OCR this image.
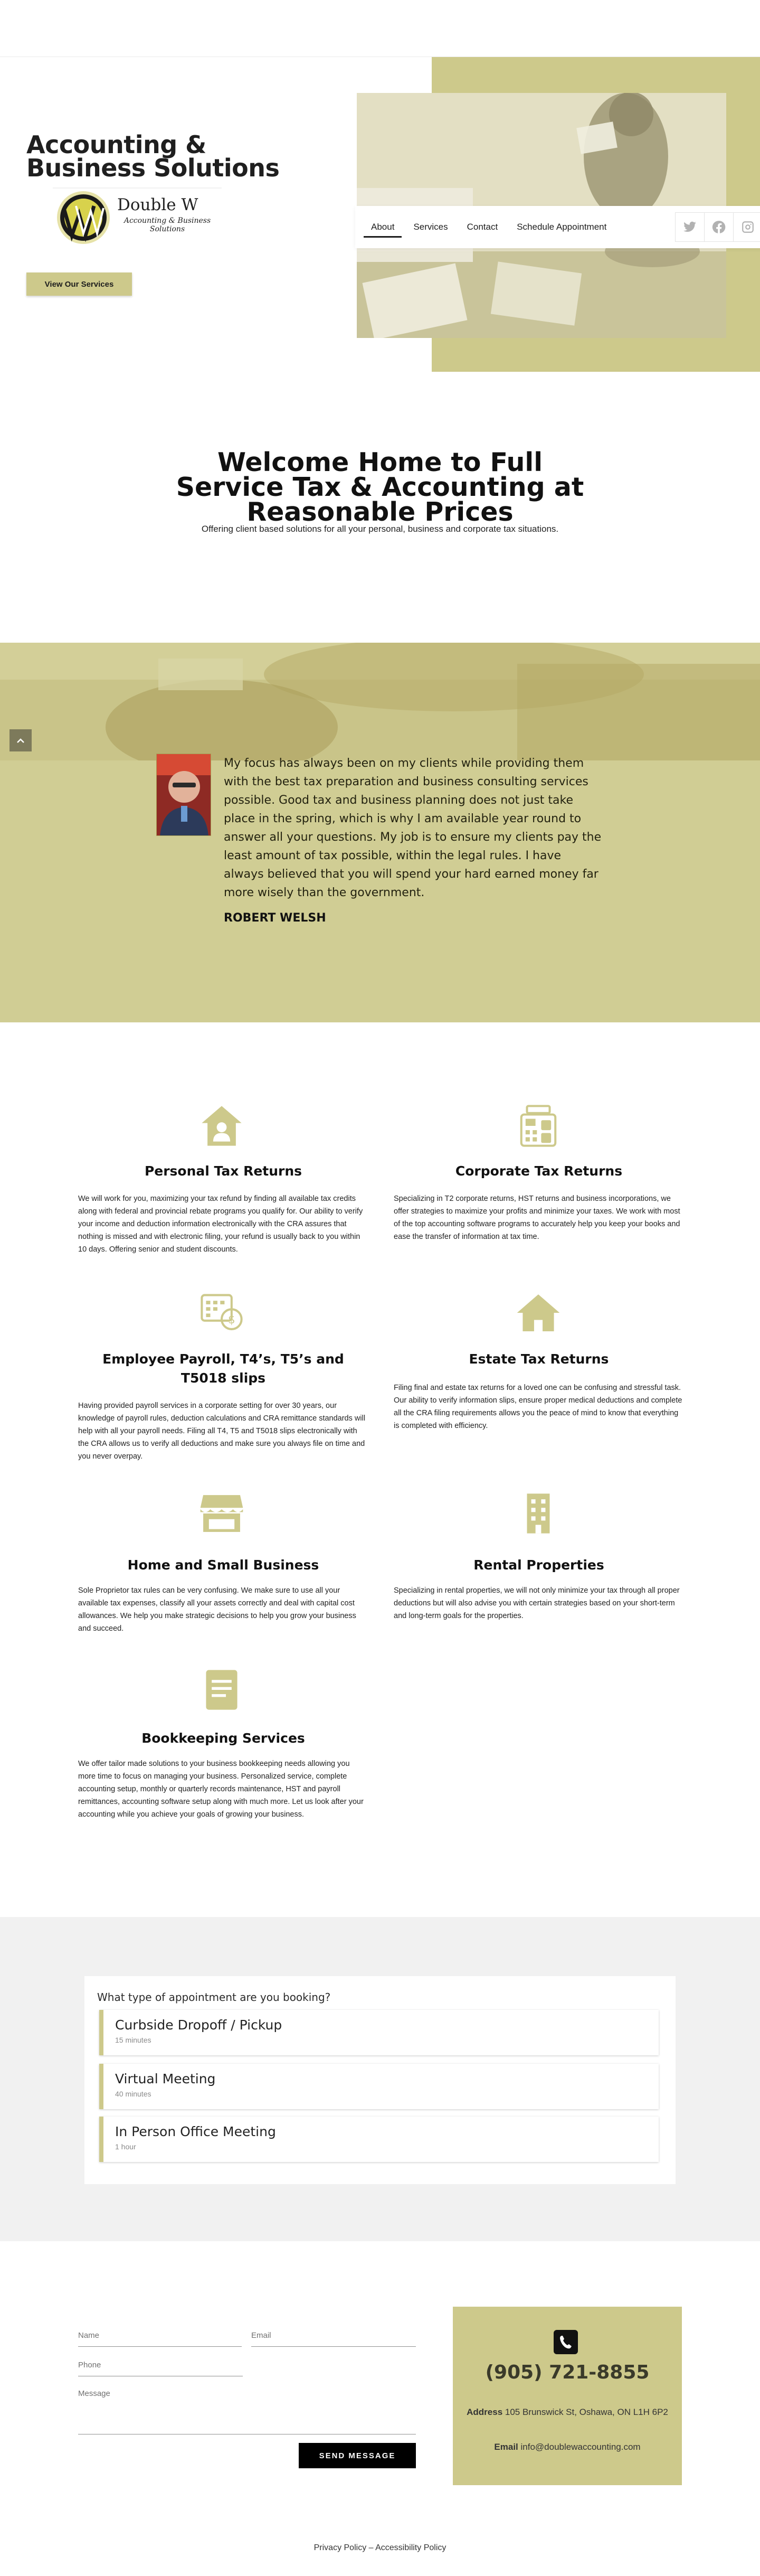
Accounting &
Business Solutions
Double W
Accounting & Business
Solutions
View Our Services
About	Services	Contact	Schedule Appointment
Welcome Home to Full Service Tax & Accounting at Reasonable Prices

Offering client based solutions for all your personal, business and corporate tax situations.

My focus has always been on my clients while providing them with the best tax preparation and business consulting services possible. Good tax and business planning does not just take place in the spring, which is why I am available year round to answer all your questions. My job is to ensure my clients pay the least amount of tax possible, within the legal rules. I have always believed that you will spend your hard earned money far more wisely than the government.

ROBERT WELSH
Personal Tax Returns

We will work for you, maximizing your tax refund by finding all available tax credits along with federal and provincial rebate programs you qualify for. Our ability to verify your income and deduction information electronically with the CRA assures that nothing is missed and with electronic filing, your refund is usually back to you within 10 days. Offering senior and student discounts.

Corporate Tax Returns

Specializing in T2 corporate returns, HST returns and business incorporations, we offer strategies to maximize your profits and minimize your taxes. We work with most of the top accounting software programs to accurately help you keep your books and ease the transfer of information at tax time.

$
Employee Payroll, T4’s, T5’s and T5018 slips

Having provided payroll services in a corporate setting for over 30 years, our knowledge of payroll rules, deduction calculations and CRA remittance standards will help with all your payroll needs. Filing all T4, T5 and T5018 slips electronically with the CRA allows us to verify all deductions and make sure you always file on time and you never overpay.

Estate Tax Returns

Filing final and estate tax returns for a loved one can be confusing and stressful task. Our ability to verify information slips, ensure proper medical deductions and complete all the CRA filing requirements allows you the peace of mind to know that everything is completed with efficiency.

Home and Small Business

Sole Proprietor tax rules can be very confusing. We make sure to use all your available tax expenses, classify all your assets correctly and deal with capital cost allowances. We help you make strategic decisions to help you grow your business and succeed.

Rental Properties

Specializing in rental properties, we will not only minimize your tax through all proper deductions but will also advise you with certain strategies based on your short-term and long-term goals for the properties.

Bookkeeping Services

We offer tailor made solutions to your business bookkeeping needs allowing you more time to focus on managing your business. Personalized service, complete accounting setup, monthly or quarterly records maintenance, HST and payroll remittances, accounting software setup along with much more. Let us look after your accounting while you achieve your goals of growing your business.

What type of appointment are you booking?
Curbside Dropoff / Pickup
15 minutes
Virtual Meeting
40 minutes
In Person Office Meeting
1 hour
Name
Email
Phone
Message
SEND MESSAGE
(905) 721-8855
Address 105 Brunswick St, Oshawa, ON L1H 6P2
Email info@doublewaccounting.com
Privacy Policy – Accessibility Policy
